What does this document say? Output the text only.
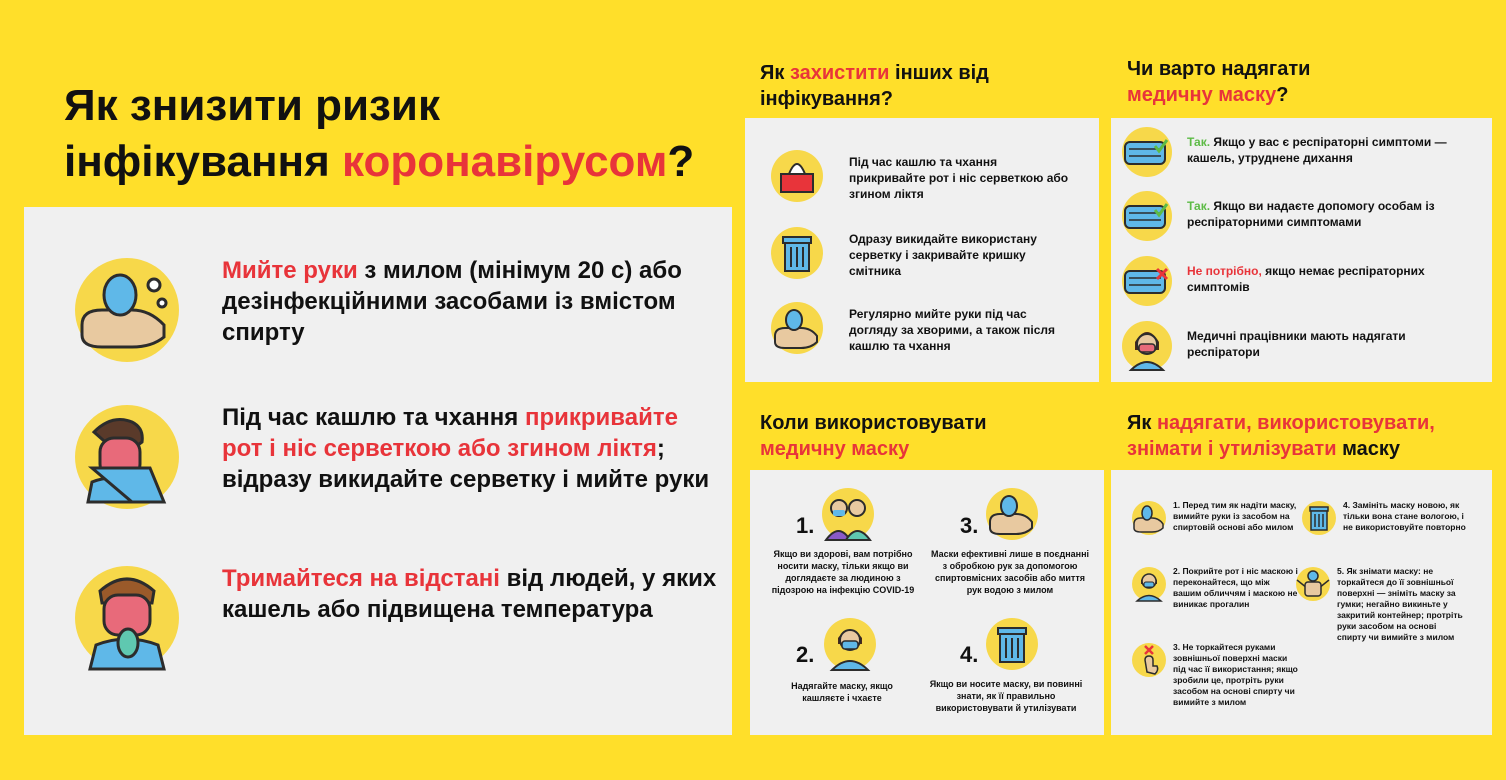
Як знизити ризик
інфікування коронавірусом?
Мийте руки з милом (мінімум 20 с) або дезінфекційними засобами із вмістом спирту
Під час кашлю та чхання прикривайте рот і ніс серветкою або згином ліктя; відразу викидайте серветку і мийте руки
Тримайтеся на відстані від людей, у яких кашель або підвищена температура
Як захистити інших від інфікування?
Під час кашлю та чхання прикривайте рот і ніс серветкою або згином ліктя
Одразу викидайте використану серветку і закривайте кришку смітника
Регулярно мийте руки під час догляду за хворими, а також після кашлю та чхання
Чи варто надягати
медичну маску?
Так. Якщо у вас є респіраторні симптоми — кашель, утруднене дихання
Так. Якщо ви надаєте допомогу особам із респіраторними симптомами
Не потрібно, якщо немає респіраторних симптомів
Медичні працівники мають надягати респіратори
Коли використовувати
медичну маску
1.
Якщо ви здорові, вам потрібно носити маску, тільки якщо ви доглядаєте за людиною з підозрою на інфекцію COVID-19
3.
Маски ефективні лише в поєднанні з обробкою рук за допомогою спиртовмісних засобів або миття рук водою з милом
2.
Надягайте маску, якщо кашляєте і чхаєте
4.
Якщо ви носите маску, ви повинні знати, як її правильно використовувати й утилізувати
Як надягати, використовувати, знімати і утилізувати маску
1. Перед тим як надіти маску, вимийте руки із засобом на спиртовій основі або милом
4. Замініть маску новою, як тільки вона стане вологою, і не використовуйте повторно
2. Покрийте рот і ніс маскою і переконайтеся, що між вашим обличчям і маскою не виникає прогалин
5. Як знімати маску: не торкайтеся до її зовнішньої поверхні — зніміть маску за гумки; негайно викиньте у закритий контейнер; протріть руки засобом на основі спирту чи вимийте з милом
3. Не торкайтеся руками зовнішньої поверхні маски під час її використання; якщо зробили це, протріть руки засобом на основі спирту чи вимийте з милом
